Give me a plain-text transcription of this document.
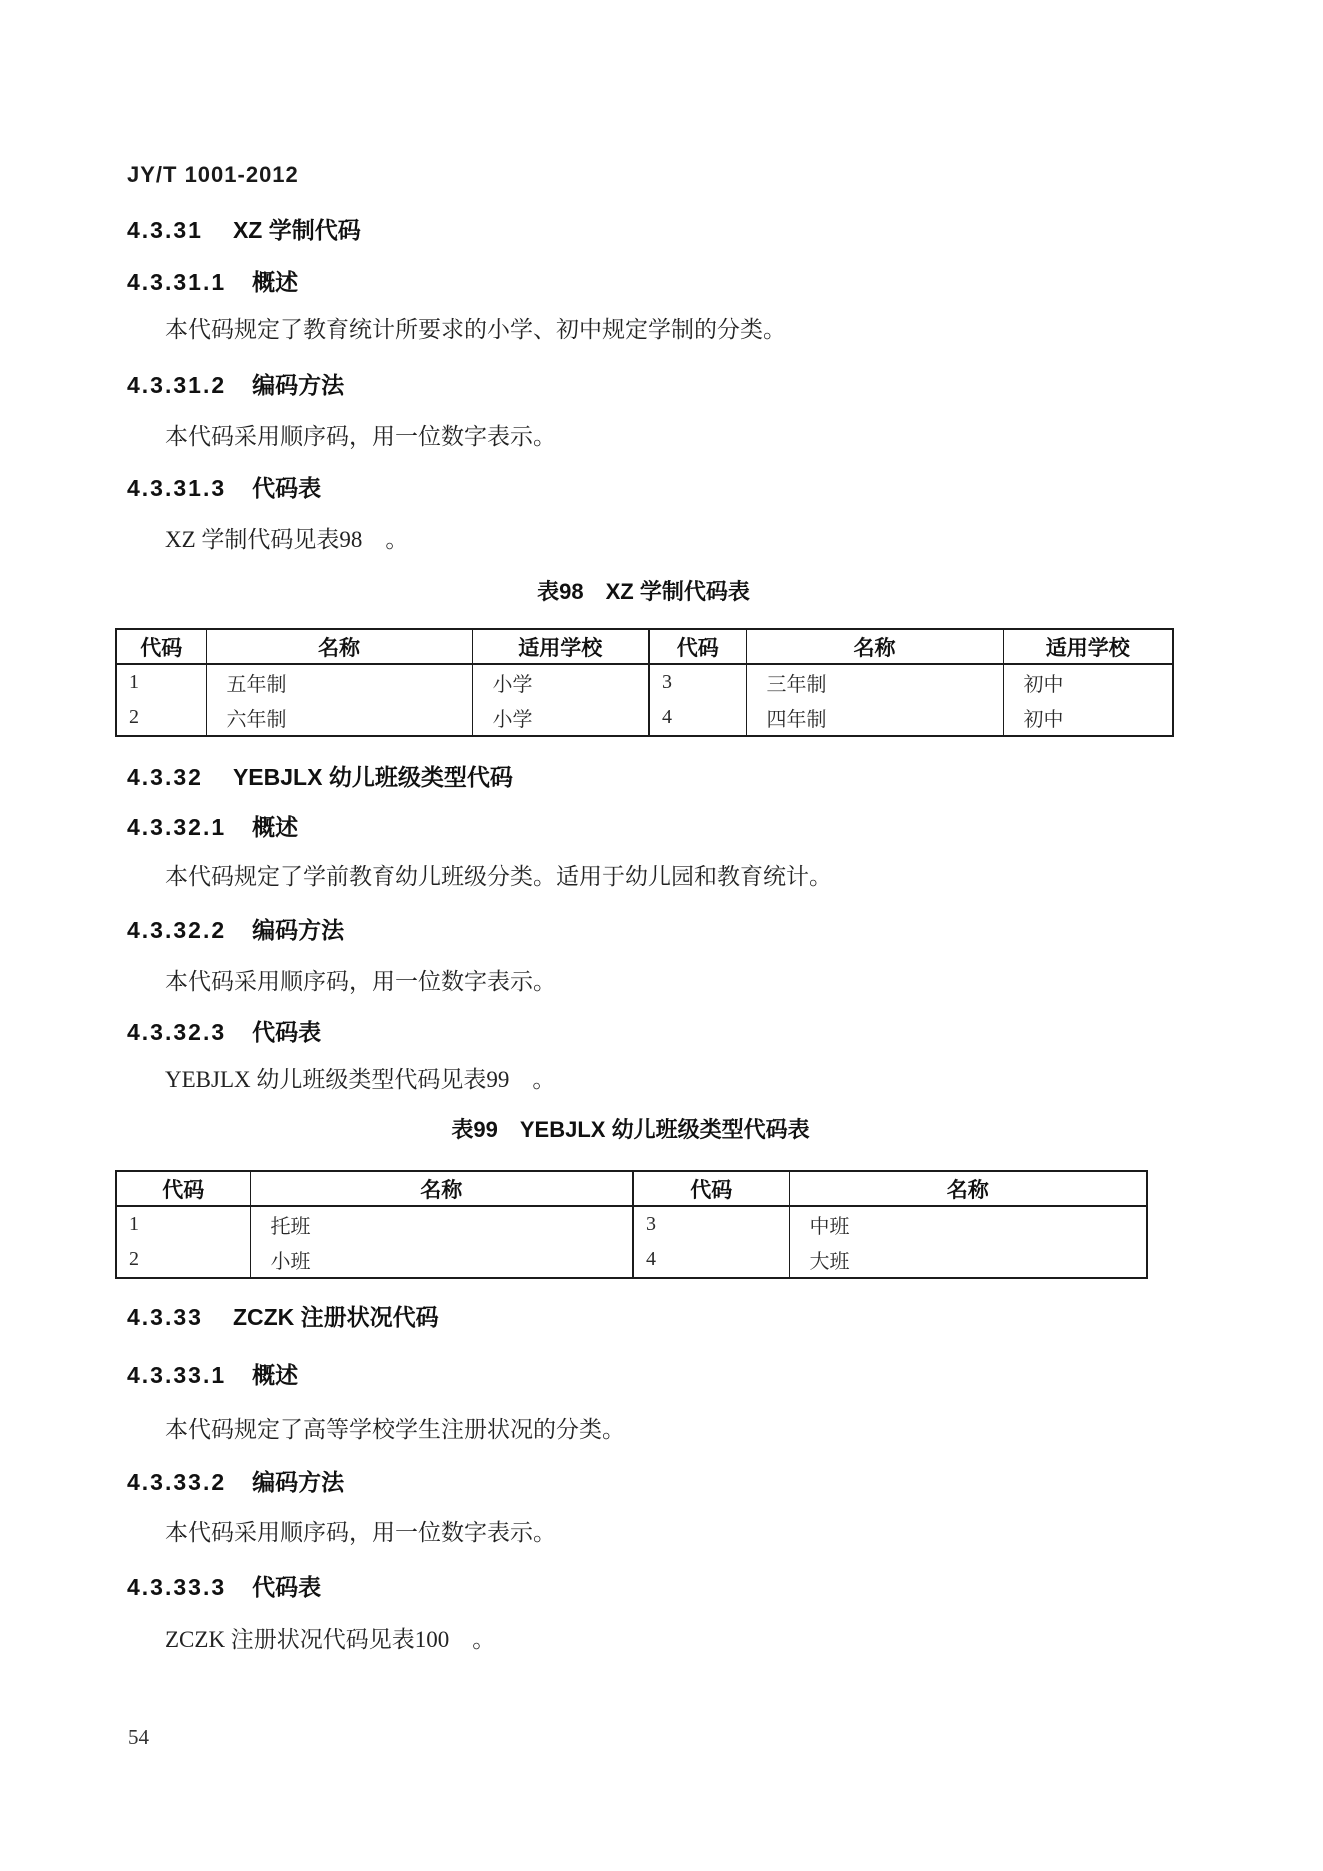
JY/T 1001-2012
4.3.31 XZ 学制代码
4.3.31.1 概述
本代码规定了教育统计所要求的小学、初中规定学制的分类。
4.3.31.2 编码方法
本代码采用顺序码，用一位数字表示。
4.3.31.3 代码表
XZ 学制代码见表98　。
表98　XZ 学制代码表
代码	名称	适用学校	代码	名称	适用学校
1	五年制	小学	3	三年制	初中
2	六年制	小学	4	四年制	初中
4.3.32 YEBJLX 幼儿班级类型代码
4.3.32.1 概述
本代码规定了学前教育幼儿班级分类。适用于幼儿园和教育统计。
4.3.32.2 编码方法
本代码采用顺序码，用一位数字表示。
4.3.32.3 代码表
YEBJLX 幼儿班级类型代码见表99　。
表99　YEBJLX 幼儿班级类型代码表
代码	名称	代码	名称
1	托班	3	中班
2	小班	4	大班
4.3.33 ZCZK 注册状况代码
4.3.33.1 概述
本代码规定了高等学校学生注册状况的分类。
4.3.33.2 编码方法
本代码采用顺序码，用一位数字表示。
4.3.33.3 代码表
ZCZK 注册状况代码见表100　。
54
